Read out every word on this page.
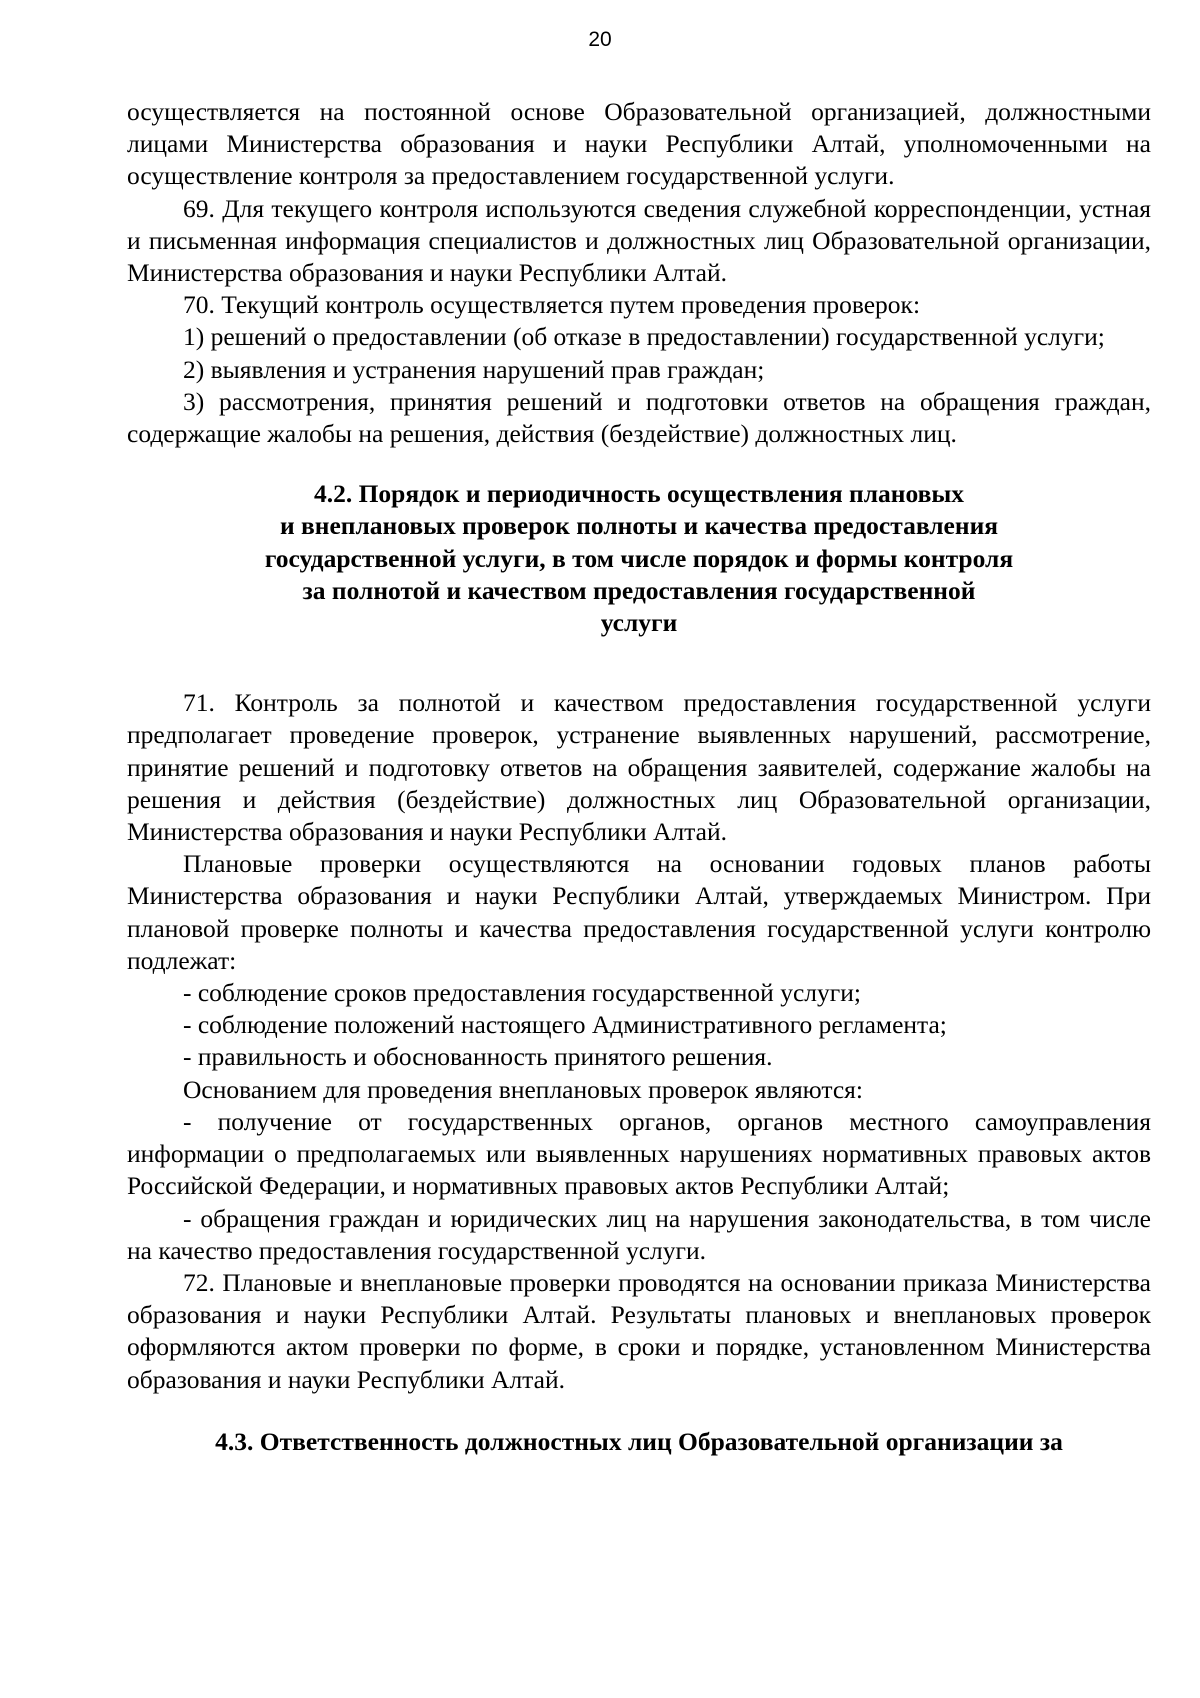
20

осуществляется на постоянной основе Образовательной организацией, должностными лицами Министерства образования и науки Республики Алтай, уполномоченными на осуществление контроля за предоставлением государственной услуги.

69. Для текущего контроля используются сведения служебной корреспонденции, устная и письменная информация специалистов и должностных лиц Образовательной организации, Министерства образования и науки Республики Алтай.

70. Текущий контроль осуществляется путем проведения проверок:

1) решений о предоставлении (об отказе в предоставлении) государственной услуги;

2) выявления и устранения нарушений прав граждан;

3) рассмотрения, принятия решений и подготовки ответов на обращения граждан, содержащие жалобы на решения, действия (бездействие) должностных лиц.

4.2. Порядок и периодичность осуществления плановых
и внеплановых проверок полноты и качества предоставления
государственной услуги, в том числе порядок и формы контроля
за полнотой и качеством предоставления государственной
услуги

71. Контроль за полнотой и качеством предоставления государственной услуги предполагает проведение проверок, устранение выявленных нарушений, рассмотрение, принятие решений и подготовку ответов на обращения заявителей, содержание жалобы на решения и действия (бездействие) должностных лиц Образовательной организации, Министерства образования и науки Республики Алтай.

Плановые проверки осуществляются на основании годовых планов работы Министерства образования и науки Республики Алтай, утверждаемых Министром. При плановой проверке полноты и качества предоставления государственной услуги контролю подлежат:

- соблюдение сроков предоставления государственной услуги;

- соблюдение положений настоящего Административного регламента;

- правильность и обоснованность принятого решения.

Основанием для проведения внеплановых проверок являются:

- получение от государственных органов, органов местного самоуправления информации о предполагаемых или выявленных нарушениях нормативных правовых актов Российской Федерации, и нормативных правовых актов Республики Алтай;

- обращения граждан и юридических лиц на нарушения законодательства, в том числе на качество предоставления государственной услуги.

72. Плановые и внеплановые проверки проводятся на основании приказа Министерства образования и науки Республики Алтай. Результаты плановых и внеплановых проверок оформляются актом проверки по форме, в сроки и порядке, установленном Министерства образования и науки Республики Алтай.

4.3. Ответственность должностных лиц Образовательной организации за
